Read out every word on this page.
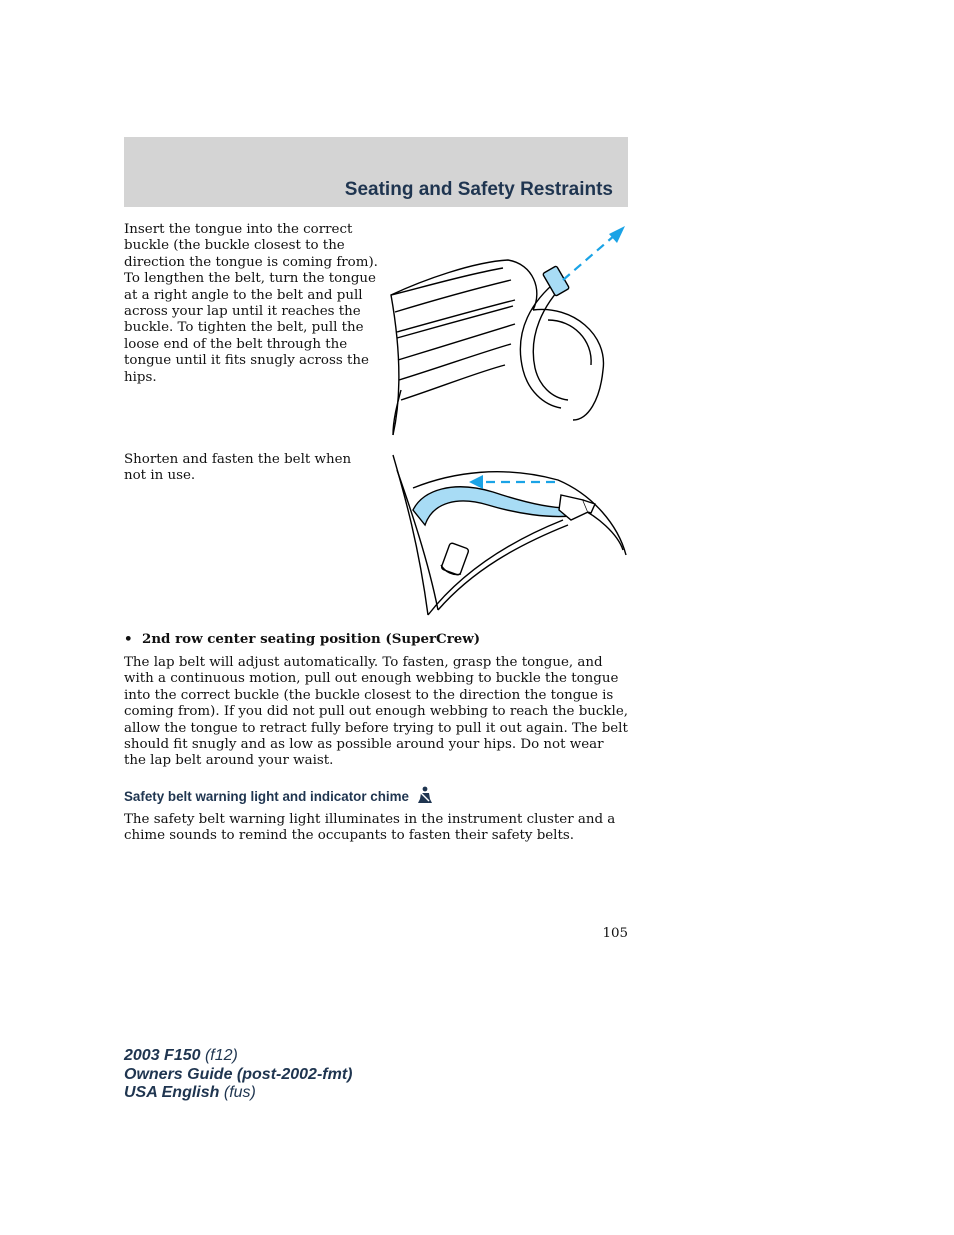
Seating and Safety Restraints

Insert the tongue into the correct buckle (the buckle closest to the direction the tongue is coming from). To lengthen the belt, turn the tongue at a right angle to the belt and pull across your lap until it reaches the buckle. To tighten the belt, pull the loose end of the belt through the tongue until it fits snugly across the hips.

Shorten and fasten the belt when not in use.

• 2nd row center seating position (SuperCrew)

The lap belt will adjust automatically. To fasten, grasp the tongue, and with a continuous motion, pull out enough webbing to buckle the tongue into the correct buckle (the buckle closest to the direction the tongue is coming from). If you did not pull out enough webbing to reach the buckle, allow the tongue to retract fully before trying to pull it out again. The belt should fit snugly and as low as possible around your hips. Do not wear the lap belt around your waist.

Safety belt warning light and indicator chime

The safety belt warning light illuminates in the instrument cluster and a chime sounds to remind the occupants to fasten their safety belts.

105
2003 F150 (f12)
Owners Guide (post-2002-fmt)
USA English (fus)
